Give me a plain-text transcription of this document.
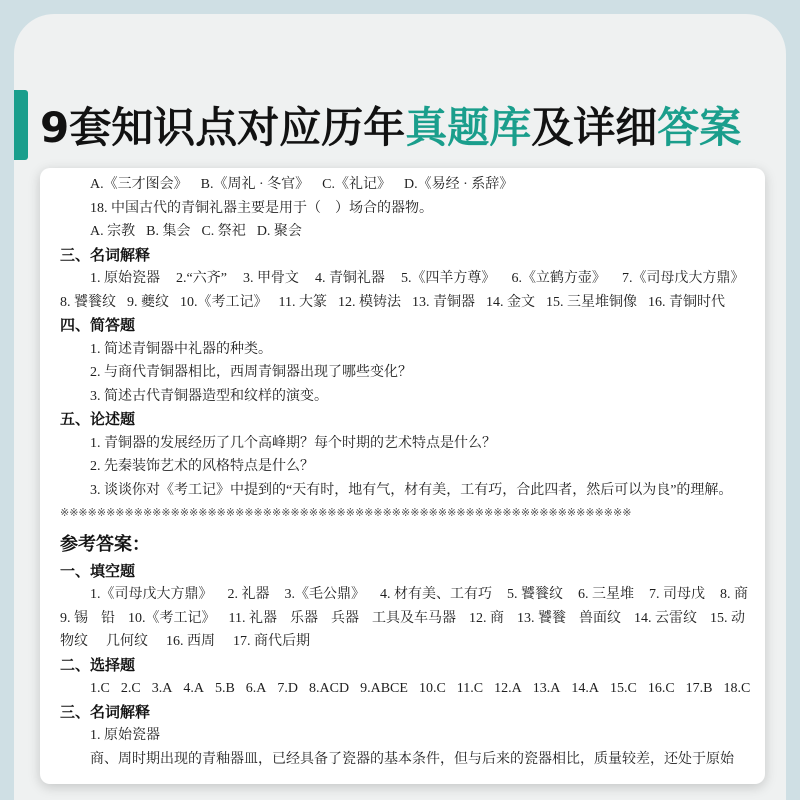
9套知识点对应历年真题库及详细答案
A.《三才图会》 B.《周礼 · 冬官》 C.《礼记》 D.《易经 · 系辞》
18. 中国古代的青铜礼器主要是用于（    ）场合的器物。
A. 宗教 B. 集会 C. 祭祀 D. 聚会
三、名词解释
1. 原始瓷器 2.“六齐” 3. 甲骨文 4. 青铜礼器 5.《四羊方尊》 6.《立鹤方壶》 7.《司母戊大方鼎》
8. 饕餮纹 9. 夔纹 10.《考工记》 11. 大篆 12. 模铸法 13. 青铜器 14. 金文 15. 三星堆铜像 16. 青铜时代
四、简答题
1. 简述青铜器中礼器的种类。
2. 与商代青铜器相比，西周青铜器出现了哪些变化？
3. 简述古代青铜器造型和纹样的演变。
五、论述题
1. 青铜器的发展经历了几个高峰期？每个时期的艺术特点是什么？
2. 先秦装饰艺术的风格特点是什么？
3. 谈谈你对《考工记》中提到的“天有时，地有气，材有美，工有巧，合此四者，然后可以为良”的理解。
※※※※※※※※※※※※※※※※※※※※※※※※※※※※※※※※※※※※※※※※※※※※※※※※※※※※※※※※※※※※※※
参考答案：
一、填空题
1.《司母戊大方鼎》 2. 礼器 3.《毛公鼎》 4. 材有美、工有巧 5. 饕餮纹 6. 三星堆 7. 司母戊 8. 商
9. 锡 铅 10.《考工记》 11. 礼器 乐器 兵器 工具及车马器 12. 商 13. 饕餮 兽面纹 14. 云雷纹 15. 动
物纹 几何纹 16. 西周 17. 商代后期
二、选择题
1.C 2.C 3.A 4.A 5.B 6.A 7.D 8.ACD 9.ABCE 10.C 11.C 12.A 13.A 14.A 15.C 16.C 17.B 18.C
三、名词解释
1. 原始瓷器
商、周时期出现的青釉器皿，已经具备了瓷器的基本条件，但与后来的瓷器相比，质量较差，还处于原始
